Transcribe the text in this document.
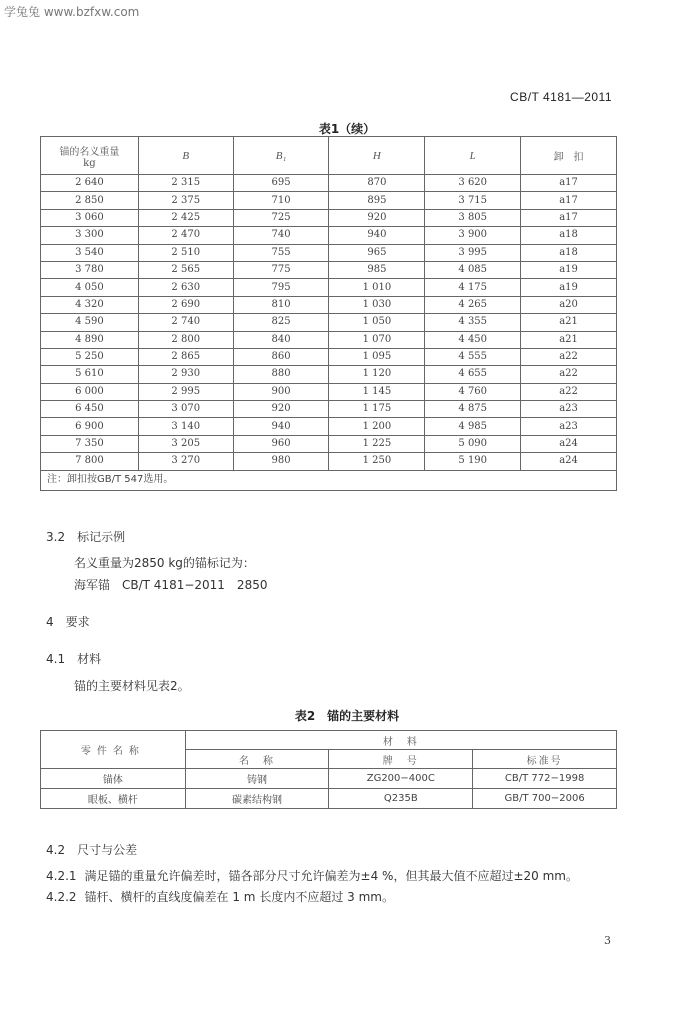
学兔兔 www.bzfxw.com
CB/T 4181—2011
表1（续）
锚的名义重量
kg	B	B₁	H	L	卸　扣
2 640	2 315	695	870	3 620	a17
2 850	2 375	710	895	3 715	a17
3 060	2 425	725	920	3 805	a17
3 300	2 470	740	940	3 900	a18
3 540	2 510	755	965	3 995	a18
3 780	2 565	775	985	4 085	a19
4 050	2 630	795	1 010	4 175	a19
4 320	2 690	810	1 030	4 265	a20
4 590	2 740	825	1 050	4 355	a21
4 890	2 800	840	1 070	4 450	a21
5 250	2 865	860	1 095	4 555	a22
5 610	2 930	880	1 120	4 655	a22
6 000	2 995	900	1 145	4 760	a22
6 450	3 070	920	1 175	4 875	a23
6 900	3 140	940	1 200	4 985	a23
7 350	3 205	960	1 225	5 090	a24
7 800	3 270	980	1 250	5 190	a24
注：卸扣按GB/T 547选用。					
3.2 标记示例
名义重量为2850 kg的锚标记为：
海军锚　CB/T 4181−2011　2850
4 要求
4.1 材料
锚的主要材料见表2。
表2　锚的主要材料
零件名称	材　料		
	名　称	牌　号	标准号
锚体	铸钢	ZG200−400C	CB/T 772−1998
眼板、横杆	碳素结构钢	Q235B	GB/T 700−2006
4.2 尺寸与公差
4.2.1 满足锚的重量允许偏差时，锚各部分尺寸允许偏差为±4 %，但其最大值不应超过±20 mm。
4.2.2 锚杆、横杆的直线度偏差在 1 m 长度内不应超过 3 mm。
3
